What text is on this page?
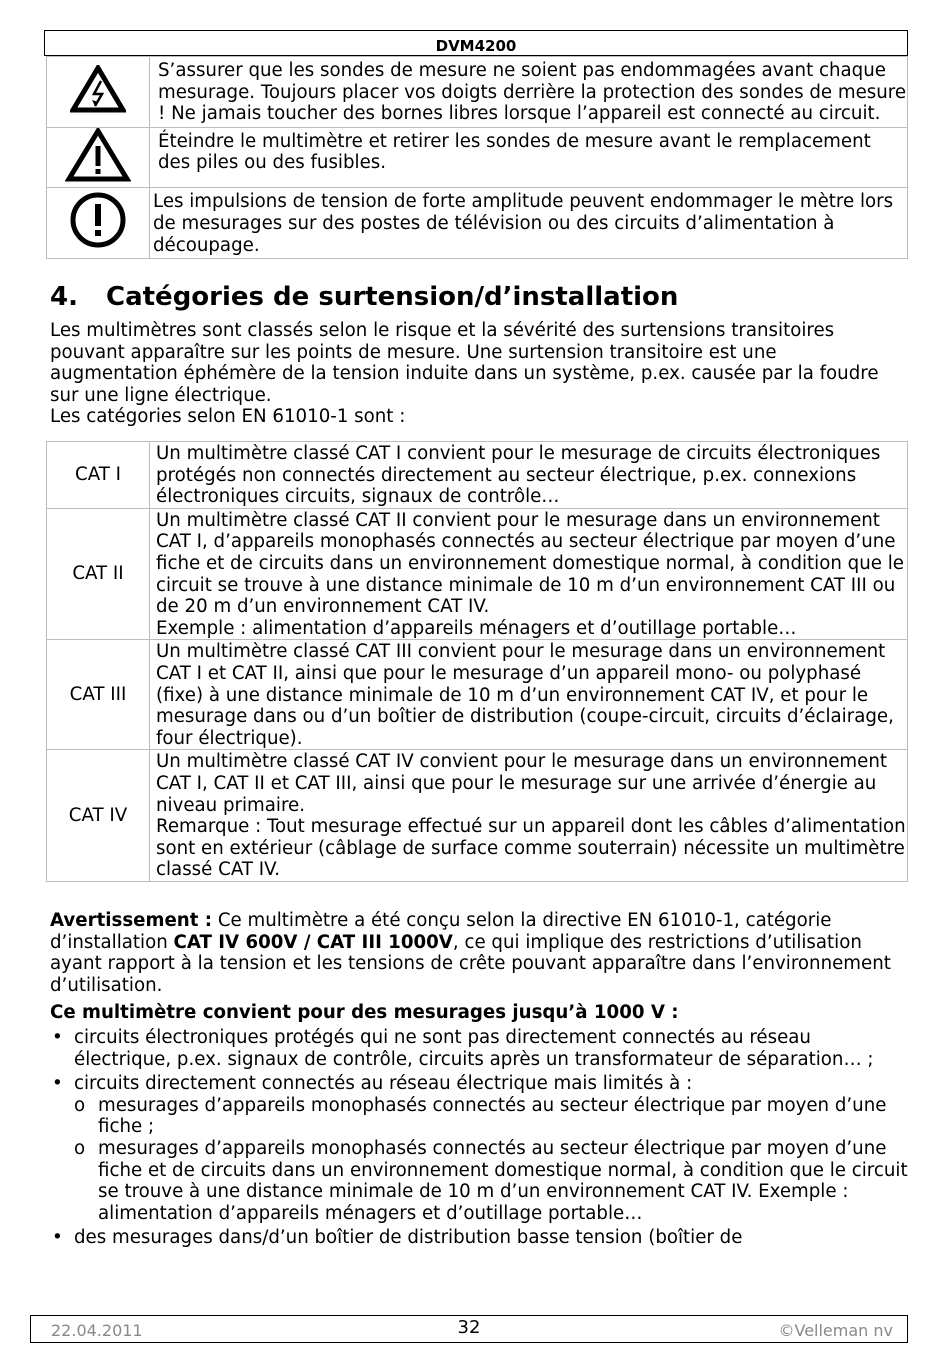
DVM4200
	S’assurer que les sondes de mesure ne soient pas endommagées avant chaque mesurage. Toujours placer vos doigts derrière la protection des sondes de mesure ! Ne jamais toucher des bornes libres lorsque l’appareil est connecté au circuit.
	Éteindre le multimètre et retirer les sondes de mesure avant le remplacement des piles ou des fusibles.
	Les impulsions de tension de forte amplitude peuvent endommager le mètre lors de mesurages sur des postes de télévision ou des circuits d’alimentation à découpage.
4. Catégories de surtension/d’installation
Les multimètres sont classés selon le risque et la sévérité des surtensions transitoires pouvant apparaître sur les points de mesure. Une surtension transitoire est une augmentation éphémère de la tension induite dans un système, p.ex. causée par la foudre sur une ligne électrique.
Les catégories selon EN 61010-1 sont :
CAT I	Un multimètre classé CAT I convient pour le mesurage de circuits électroniques protégés non connectés directement au secteur électrique, p.ex. connexions électroniques circuits, signaux de contrôle…

CAT II	Un multimètre classé CAT II convient pour le mesurage dans un environnement CAT I, d’appareils monophasés connectés au secteur électrique par moyen d’une fiche et de circuits dans un environnement domestique normal, à condition que le circuit se trouve à une distance minimale de 10 m d’un environnement CAT III ou de 20 m d’un environnement CAT IV.
Exemple : alimentation d’appareils ménagers et d’outillage portable…

CAT III	Un multimètre classé CAT III convient pour le mesurage dans un environnement CAT I et CAT II, ainsi que pour le mesurage d’un appareil mono- ou polyphasé (fixe) à une distance minimale de 10 m d’un environnement CAT IV, et pour le mesurage dans ou d’un boîtier de distribution (coupe-circuit, circuits d’éclairage, four électrique).

CAT IV	Un multimètre classé CAT IV convient pour le mesurage dans un environnement CAT I, CAT II et CAT III, ainsi que pour le mesurage sur une arrivée d’énergie au niveau primaire.
Remarque : Tout mesurage effectué sur un appareil dont les câbles d’alimentation sont en extérieur (câblage de surface comme souterrain) nécessite un multimètre classé CAT IV.
Avertissement : Ce multimètre a été conçu selon la directive EN 61010-1, catégorie d’installation CAT IV 600V / CAT III 1000V, ce qui implique des restrictions d’utilisation ayant rapport à la tension et les tensions de crête pouvant apparaître dans l’environnement d’utilisation.
Ce multimètre convient pour des mesurages jusqu’à 1000 V :
• circuits électroniques protégés qui ne sont pas directement connectés au réseau électrique, p.ex. signaux de contrôle, circuits après un transformateur de séparation… ;
• circuits directement connectés au réseau électrique mais limités à :
o mesurages d’appareils monophasés connectés au secteur électrique par moyen d’une fiche ;
o mesurages d’appareils monophasés connectés au secteur électrique par moyen d’une fiche et de circuits dans un environnement domestique normal, à condition que le circuit se trouve à une distance minimale de 10 m d’un environnement CAT IV. Exemple : alimentation d’appareils ménagers et d’outillage portable…
• des mesurages dans/d’un boîtier de distribution basse tension (boîtier de
22.04.2011	32	©Velleman nv
